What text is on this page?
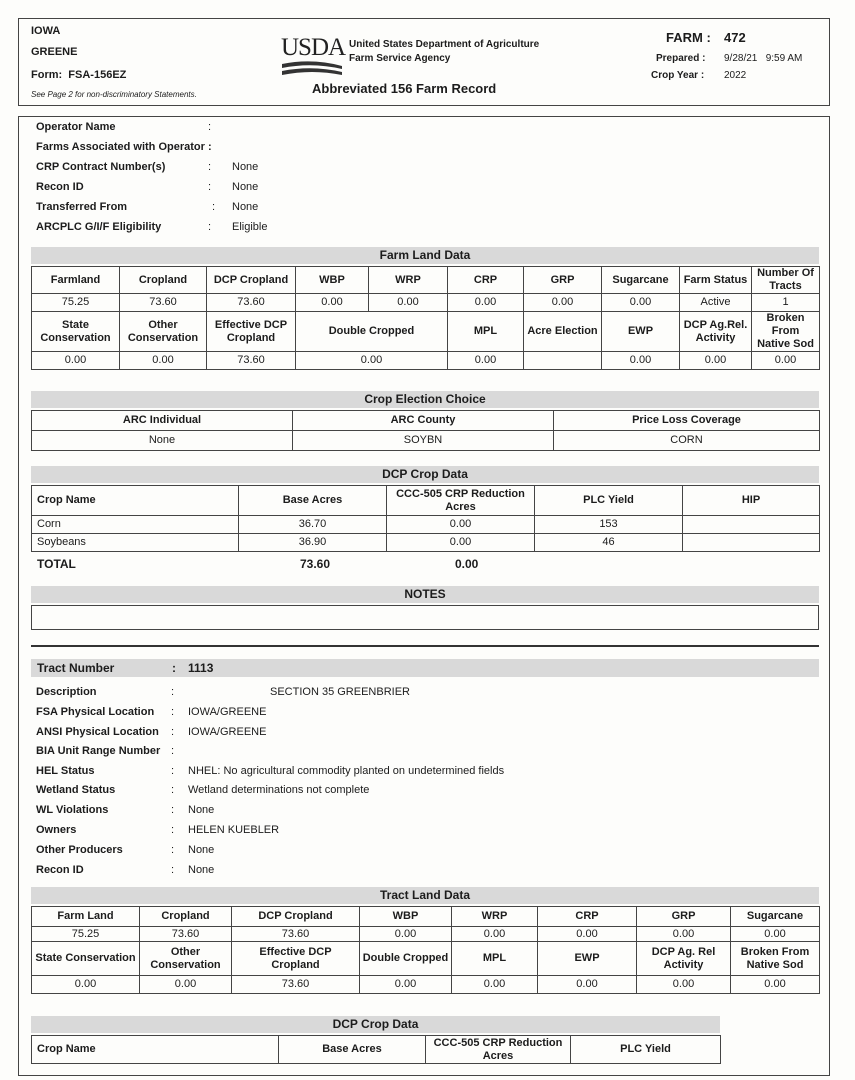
IOWA
GREENE
Form: FSA-156EZ
See Page 2 for non-discriminatory Statements.
USDA United States Department of Agriculture
Farm Service Agency
Abbreviated 156 Farm Record
FARM : 472
Prepared : 9/28/21   9:59 AM
Crop Year : 2022
Operator Name	:
Farms Associated with Operator :
CRP Contract Number(s)	: None
Recon ID	: None
Transferred From	: None
ARCPLC G/I/F Eligibility	: Eligible
Farm Land Data
Farmland	Cropland	DCP Cropland	WBP	WRP	CRP	GRP	Sugarcane	Farm Status	Number Of Tracts
75.25	73.60	73.60	0.00	0.00	0.00	0.00	0.00	Active	1
State Conservation	Other Conservation	Effective DCP Cropland	Double Cropped		MPL	Acre Election	EWP	DCP Ag.Rel. Activity	Broken From Native Sod
0.00	0.00	73.60	0.00		0.00		0.00	0.00	0.00
Crop Election Choice
ARC Individual	ARC County	Price Loss Coverage
None	SOYBN	CORN
DCP Crop Data
Crop Name	Base Acres	CCC-505 CRP Reduction Acres	PLC Yield	HIP
Corn	36.70	0.00	153	
Soybeans	36.90	0.00	46	
TOTAL	73.60	0.00
NOTES
Tract Number	: 1113
Description	:	SECTION 35 GREENBRIER
FSA Physical Location : IOWA/GREENE
ANSI Physical Location : IOWA/GREENE
BIA Unit Range Number :
HEL Status	: NHEL: No agricultural commodity planted on undetermined fields
Wetland Status	: Wetland determinations not complete
WL Violations	: None
Owners	: HELEN KUEBLER
Other Producers	: None
Recon ID	: None
Tract Land Data
Farm Land	Cropland	DCP Cropland	WBP	WRP	CRP	GRP	Sugarcane
75.25	73.60	73.60	0.00	0.00	0.00	0.00	0.00
State Conservation	Other Conservation	Effective DCP Cropland	Double Cropped	MPL	EWP	DCP Ag. Rel Activity	Broken From Native Sod
0.00	0.00	73.60	0.00	0.00	0.00	0.00	0.00
DCP Crop Data
Crop Name	Base Acres	CCC-505 CRP Reduction Acres	PLC Yield
